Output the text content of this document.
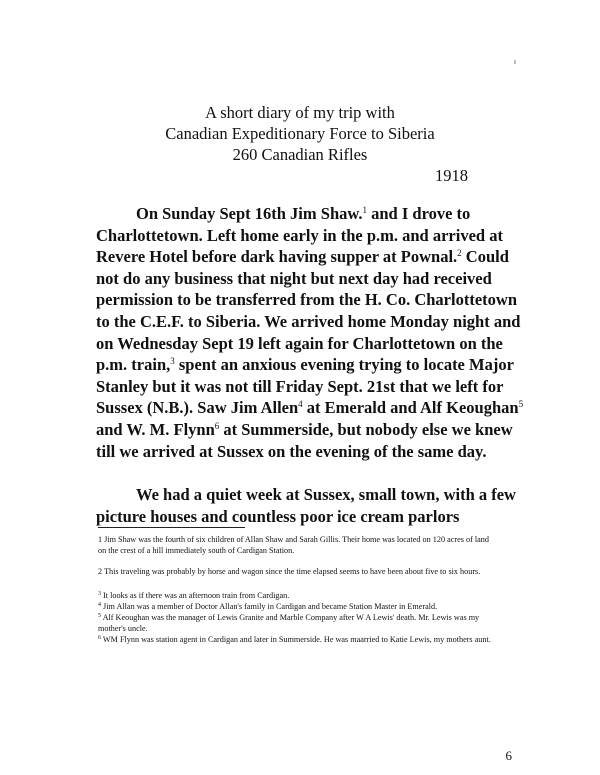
A short diary of my trip with
Canadian Expeditionary Force to Siberia
260 Canadian Rifles
1918

On Sunday Sept 16th Jim Shaw.$^1$ and I drove to Charlottetown. Left home early in the p.m. and arrived at Revere Hotel before dark having supper at Pownal.$^2$ Could not do any business that night but next day had received permission to be transferred from the H. Co. Charlottetown to the C.E.F. to Siberia. We arrived home Monday night and on Wednesday Sept 19 left again for Charlottetown on the p.m. train,$^3$ spent an anxious evening trying to locate Major Stanley but it was not till Friday Sept. 21st that we left for Sussex (N.B.). Saw Jim Allen$^4$ at Emerald and Alf Keoughan$^5$ and W. M. Flynn$^6$ at Summerside, but nobody else we knew till we arrived at Sussex on the evening of the same day.

We had a quiet week at Sussex, small town, with a few picture houses and countless poor ice cream parlors

1 Jim Shaw was the fourth of six children of Allan Shaw and Sarah Gillis. Their home was located on 120 acres of land on the crest of a hill immediately south of Cardigan Station.

2 This traveling was probably by horse and wagon since the time elapsed seems to have been about five to six hours.

$^3$ It looks as if there was an afternoon train from Cardigan.

$^4$ Jim Allan was a member of Doctor Allan's family in Cardigan and became Station Master in Emerald.

$^5$ Alf Keoughan was the manager of Lewis Granite and Marble Company after W A Lewis' death. Mr. Lewis was my mother's uncle.

$^6$ WM Flynn was station agent in Cardigan and later in Summerside. He was maarried to Katie Lewis, my mothers aunt.

6
